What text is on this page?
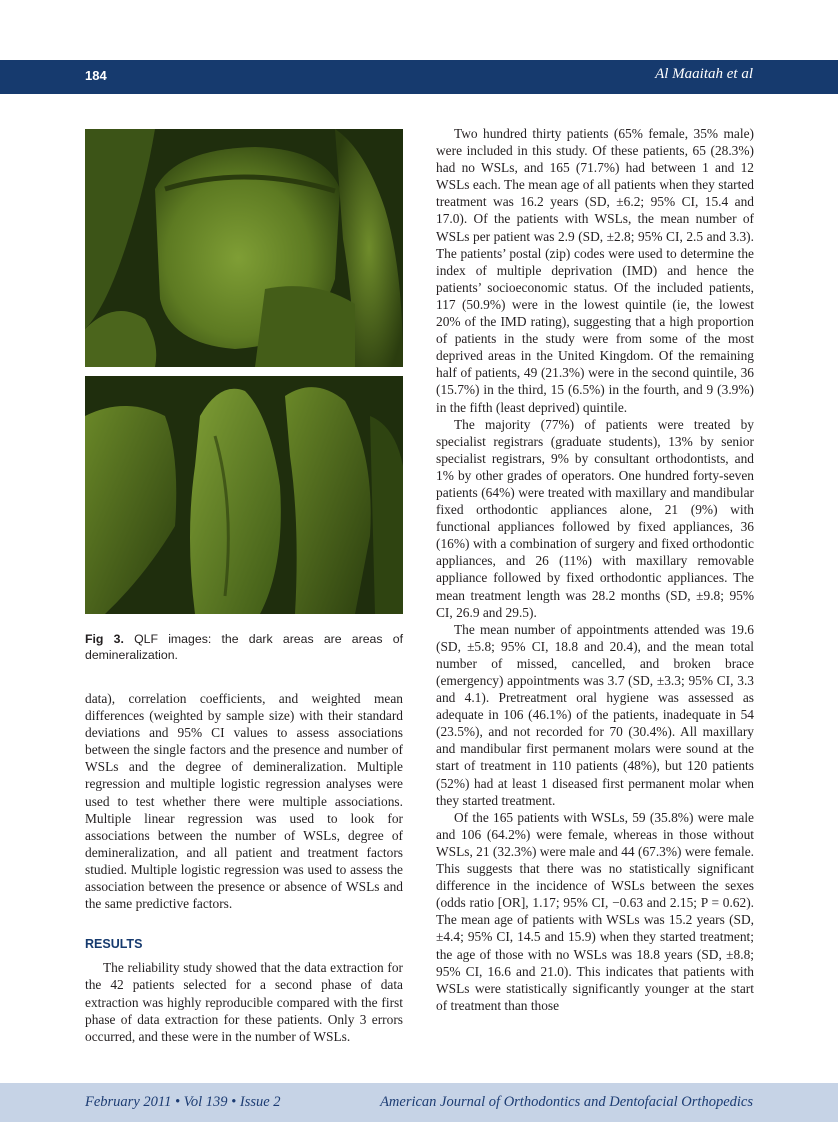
184	Al Maaitah et al
Fig 3. QLF images: the dark areas are areas of demineralization.

data), correlation coefficients, and weighted mean differences (weighted by sample size) with their standard deviations and 95% CI values to assess associations between the single factors and the presence and number of WSLs and the degree of demineralization. Multiple regression and multiple logistic regression analyses were used to test whether there were multiple associations. Multiple linear regression was used to look for associations between the number of WSLs, degree of demineralization, and all patient and treatment factors studied. Multiple logistic regression was used to assess the association between the presence or absence of WSLs and the same predictive factors.

RESULTS

The reliability study showed that the data extraction for the 42 patients selected for a second phase of data extraction was highly reproducible compared with the first phase of data extraction for these patients. Only 3 errors occurred, and these were in the number of WSLs.

Two hundred thirty patients (65% female, 35% male) were included in this study. Of these patients, 65 (28.3%) had no WSLs, and 165 (71.7%) had between 1 and 12 WSLs each. The mean age of all patients when they started treatment was 16.2 years (SD, ±6.2; 95% CI, 15.4 and 17.0). Of the patients with WSLs, the mean number of WSLs per patient was 2.9 (SD, ±2.8; 95% CI, 2.5 and 3.3). The patients’ postal (zip) codes were used to determine the index of multiple deprivation (IMD) and hence the patients’ socioeconomic status. Of the included patients, 117 (50.9%) were in the lowest quintile (ie, the lowest 20% of the IMD rating), suggesting that a high proportion of patients in the study were from some of the most deprived areas in the United Kingdom. Of the remaining half of patients, 49 (21.3%) were in the second quintile, 36 (15.7%) in the third, 15 (6.5%) in the fourth, and 9 (3.9%) in the fifth (least deprived) quintile.

The majority (77%) of patients were treated by specialist registrars (graduate students), 13% by senior specialist registrars, 9% by consultant orthodontists, and 1% by other grades of operators. One hundred forty-seven patients (64%) were treated with maxillary and mandibular fixed orthodontic appliances alone, 21 (9%) with functional appliances followed by fixed appliances, 36 (16%) with a combination of surgery and fixed orthodontic appliances, and 26 (11%) with maxillary removable appliance followed by fixed orthodontic appliances. The mean treatment length was 28.2 months (SD, ±9.8; 95% CI, 26.9 and 29.5).

The mean number of appointments attended was 19.6 (SD, ±5.8; 95% CI, 18.8 and 20.4), and the mean total number of missed, cancelled, and broken brace (emergency) appointments was 3.7 (SD, ±3.3; 95% CI, 3.3 and 4.1). Pretreatment oral hygiene was assessed as adequate in 106 (46.1%) of the patients, inadequate in 54 (23.5%), and not recorded for 70 (30.4%). All maxillary and mandibular first permanent molars were sound at the start of treatment in 110 patients (48%), but 120 patients (52%) had at least 1 diseased first permanent molar when they started treatment.

Of the 165 patients with WSLs, 59 (35.8%) were male and 106 (64.2%) were female, whereas in those without WSLs, 21 (32.3%) were male and 44 (67.3%) were female. This suggests that there was no statistically significant difference in the incidence of WSLs between the sexes (odds ratio [OR], 1.17; 95% CI, −0.63 and 2.15; P = 0.62). The mean age of patients with WSLs was 15.2 years (SD, ±4.4; 95% CI, 14.5 and 15.9) when they started treatment; the age of those with no WSLs was 18.8 years (SD, ±8.8; 95% CI, 16.6 and 21.0). This indicates that patients with WSLs were statistically significantly younger at the start of treatment than those

February 2011 • Vol 139 • Issue 2	American Journal of Orthodontics and Dentofacial Orthopedics
